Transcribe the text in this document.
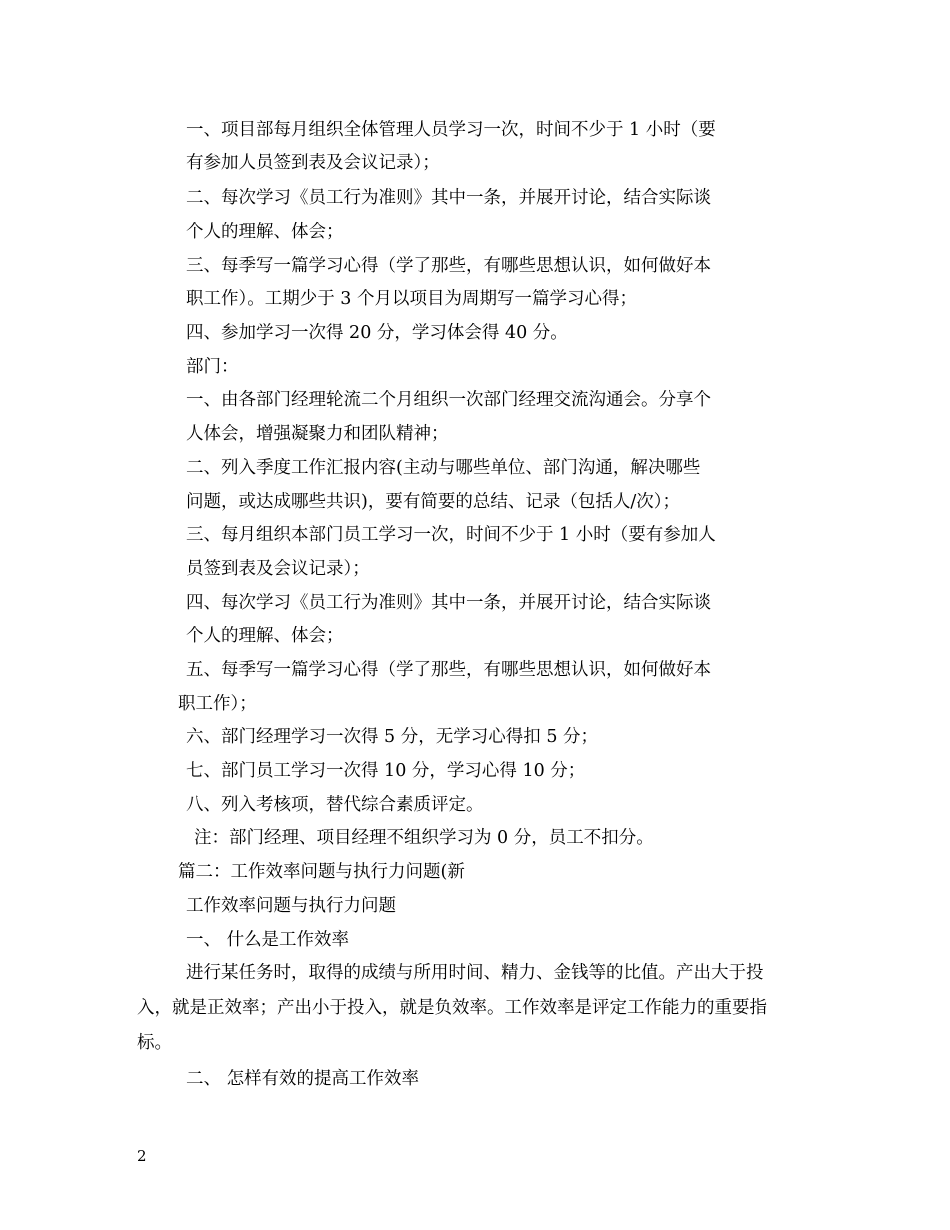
一、项目部每月组织全体管理人员学习一次，时间不少于 1 小时（要
有参加人员签到表及会议记录）；
二、每次学习《员工行为准则》其中一条，并展开讨论，结合实际谈
个人的理解、体会；
三、每季写一篇学习心得（学了那些，有哪些思想认识，如何做好本
职工作）。工期少于 3 个月以项目为周期写一篇学习心得；
四、参加学习一次得 20 分，学习体会得 40 分。
部门：
一、由各部门经理轮流二个月组织一次部门经理交流沟通会。分享个
人体会，增强凝聚力和团队精神；
二、列入季度工作汇报内容(主动与哪些单位、部门沟通，解决哪些
问题，或达成哪些共识)，要有简要的总结、记录（包括人/次）；
三、每月组织本部门员工学习一次，时间不少于 1 小时（要有参加人
员签到表及会议记录）；
四、每次学习《员工行为准则》其中一条，并展开讨论，结合实际谈
个人的理解、体会；
五、每季写一篇学习心得（学了那些，有哪些思想认识，如何做好本
职工作）；
六、部门经理学习一次得 5 分，无学习心得扣 5 分；
七、部门员工学习一次得 10 分，学习心得 10 分；
八、列入考核项，替代综合素质评定。
注：部门经理、项目经理不组织学习为 0 分，员工不扣分。
篇二：工作效率问题与执行力问题(新
工作效率问题与执行力问题
一、 什么是工作效率
进行某任务时，取得的成绩与所用时间、精力、金钱等的比值。产出大于投
入，就是正效率；产出小于投入，就是负效率。工作效率是评定工作能力的重要指
标。
二、 怎样有效的提高工作效率
2
